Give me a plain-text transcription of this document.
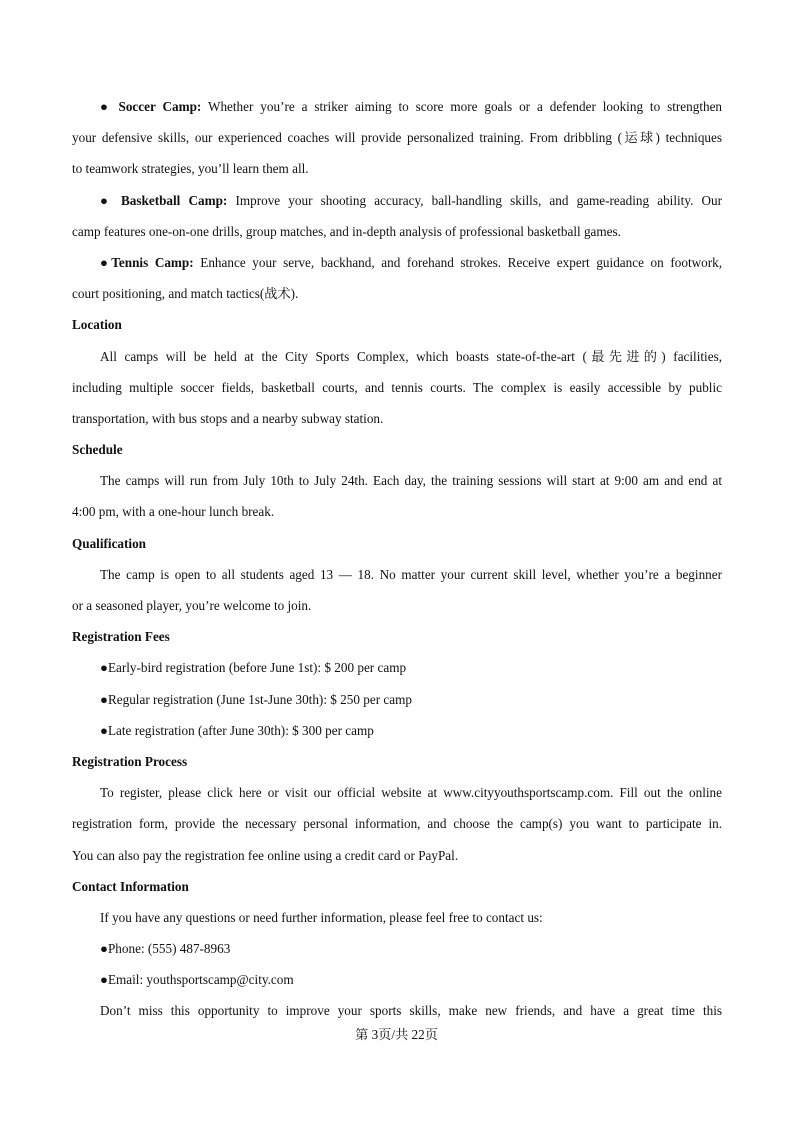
● Soccer Camp: Whether you’re a striker aiming to score more goals or a defender looking to strengthen
your defensive skills, our experienced coaches will provide personalized training. From dribbling (运球) techniques
to teamwork strategies, you’ll learn them all.
● Basketball Camp: Improve your shooting accuracy, ball-handling skills, and game-reading ability. Our
camp features one-on-one drills, group matches, and in-depth analysis of professional basketball games.
●Tennis Camp: Enhance your serve, backhand, and forehand strokes. Receive expert guidance on footwork,
court positioning, and match tactics(战术).
Location
All camps will be held at the City Sports Complex, which boasts state-of-the-art (最先进的) facilities,
including multiple soccer fields, basketball courts, and tennis courts. The complex is easily accessible by public
transportation, with bus stops and a nearby subway station.
Schedule
The camps will run from July 10th to July 24th. Each day, the training sessions will start at 9:00 am and end at
4:00 pm, with a one-hour lunch break.
Qualification
The camp is open to all students aged 13 — 18. No matter your current skill level, whether you’re a beginner
or a seasoned player, you’re welcome to join.
Registration Fees
●Early-bird registration (before June 1st): $ 200 per camp
●Regular registration (June 1st-June 30th): $ 250 per camp
●Late registration (after June 30th): $ 300 per camp
Registration Process
To register, please click here or visit our official website at www.cityyouthsportscamp.com. Fill out the online
registration form, provide the necessary personal information, and choose the camp(s) you want to participate in.
You can also pay the registration fee online using a credit card or PayPal.
Contact Information
If you have any questions or need further information, please feel free to contact us:
●Phone: (555) 487-8963
●Email: youthsportscamp@city.com
Don’t miss this opportunity to improve your sports skills, make new friends, and have a great time this
第 3页/共 22页
